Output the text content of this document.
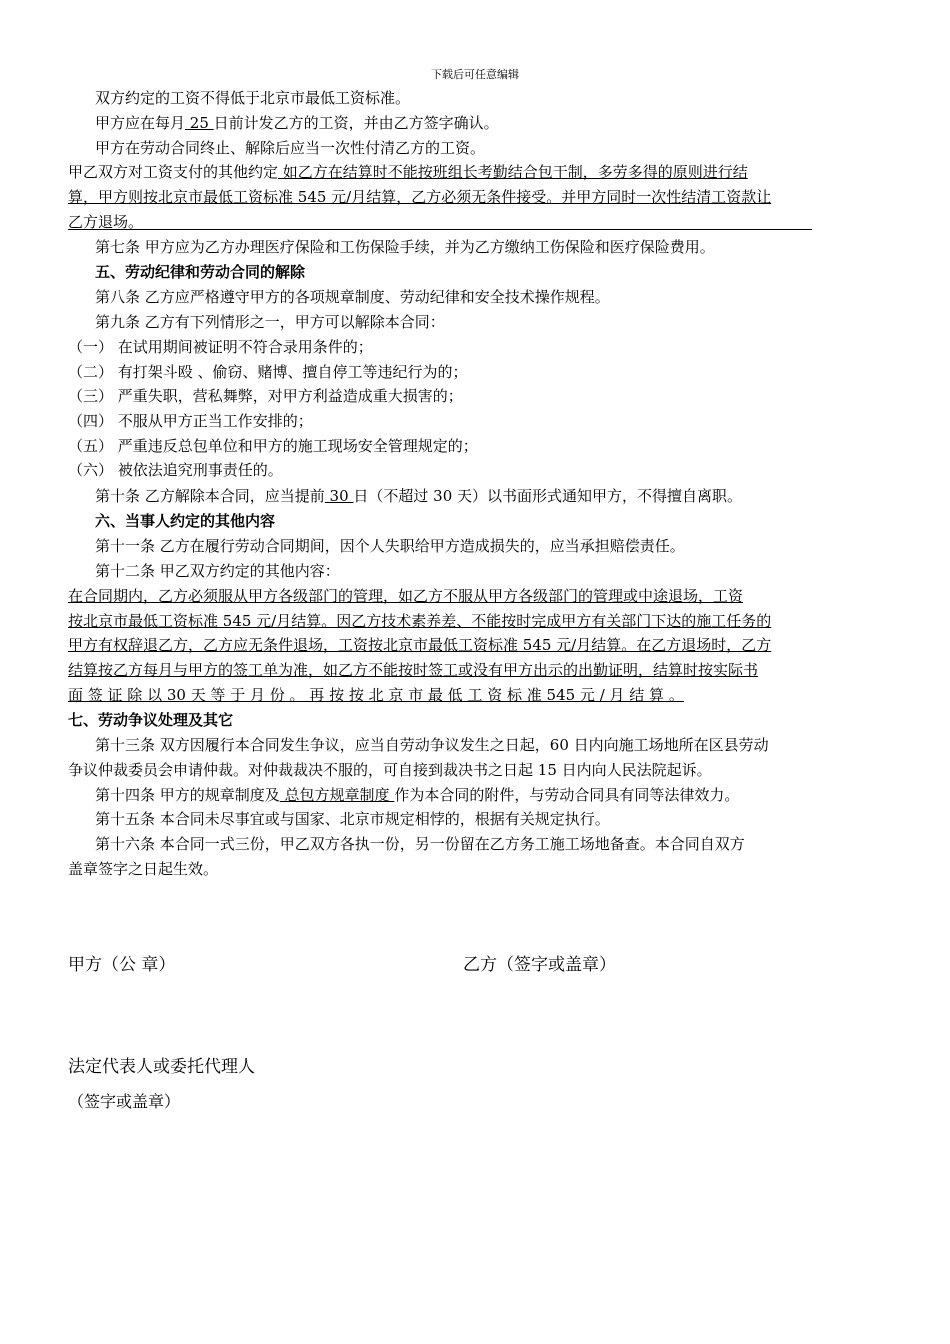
下载后可任意编辑
双方约定的工资不得低于北京市最低工资标准。
甲方应在每月 25 日前计发乙方的工资，并由乙方签字确认。
甲方在劳动合同终止、解除后应当一次性付清乙方的工资。
甲乙双方对工资支付的其他约定 如乙方在结算时不能按班组长考勤结合包干制，多劳多得的原则进行结
算，甲方则按北京市最低工资标准 545 元/月结算，乙方必须无条件接受。并甲方同时一次性结清工资款让
乙方退场。
第七条 甲方应为乙方办理医疗保险和工伤保险手续，并为乙方缴纳工伤保险和医疗保险费用。
五、劳动纪律和劳动合同的解除
第八条 乙方应严格遵守甲方的各项规章制度、劳动纪律和安全技术操作规程。
第九条 乙方有下列情形之一，甲方可以解除本合同：
（一） 在试用期间被证明不符合录用条件的；
（二） 有打架斗殴 、偷窃、赌博、擅自停工等违纪行为的；
（三） 严重失职，营私舞弊，对甲方利益造成重大损害的；
（四） 不服从甲方正当工作安排的；
（五） 严重违反总包单位和甲方的施工现场安全管理规定的；
（六） 被依法追究刑事责任的。
第十条 乙方解除本合同，应当提前 30 日（不超过 30 天）以书面形式通知甲方，不得擅自离职。
六、当事人约定的其他内容
第十一条 乙方在履行劳动合同期间，因个人失职给甲方造成损失的，应当承担赔偿责任。
第十二条 甲乙双方约定的其他内容：
在合同期内，乙方必须服从甲方各级部门的管理，如乙方不服从甲方各级部门的管理或中途退场，工资
按北京市最低工资标准 545 元/月结算。因乙方技术素养差、不能按时完成甲方有关部门下达的施工任务的
甲方有权辞退乙方，乙方应无条件退场，工资按北京市最低工资标准 545 元/月结算。在乙方退场时，乙方
结算按乙方每月与甲方的签工单为准，如乙方不能按时签工或没有甲方出示的出勤证明，结算时按实际书
面 签 证 除 以 30 天 等 于 月 份 。 再 按 按 北 京 市 最 低 工 资 标 准 545 元 / 月 结 算 。
七、劳动争议处理及其它
第十三条 双方因履行本合同发生争议，应当自劳动争议发生之日起，60 日内向施工场地所在区县劳动
争议仲裁委员会申请仲裁。对仲裁裁决不服的，可自接到裁决书之日起 15 日内向人民法院起诉。
第十四条 甲方的规章制度及 总包方规章制度 作为本合同的附件，与劳动合同具有同等法律效力。
第十五条 本合同未尽事宜或与国家、北京市规定相悖的，根据有关规定执行。
第十六条 本合同一式三份，甲乙双方各执一份，另一份留在乙方务工施工场地备查。本合同自双方
盖章签字之日起生效。
甲方（公 章）	乙方（签字或盖章）
法定代表人或委托代理人
（签字或盖章）
